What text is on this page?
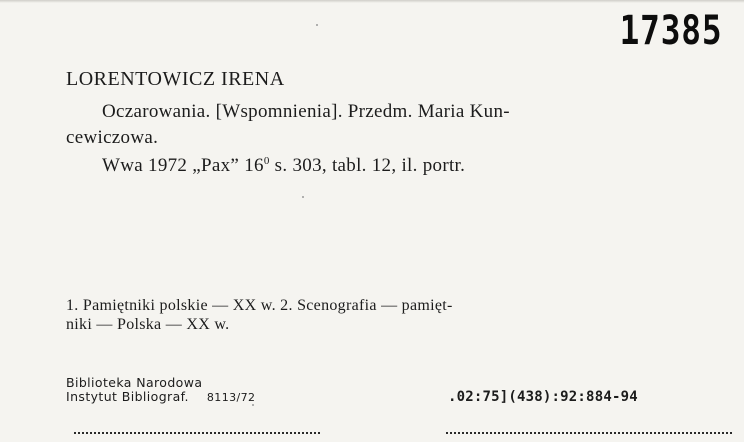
17385
LORENTOWICZ IRENA
Oczarowania. [Wspomnienia]. Przedm. Maria Kun-
cewiczowa.
Wwa 1972 „Pax” $16^0$ s. 303, tabl. 12, il. portr.
1. Pamiętniki polskie — XX w. 2. Scenografia — pamięt-
niki — Polska — XX w.
Biblioteka Narodowa
Instytut Bibliograf. 8113/72	.02:75](438):92:884-94
